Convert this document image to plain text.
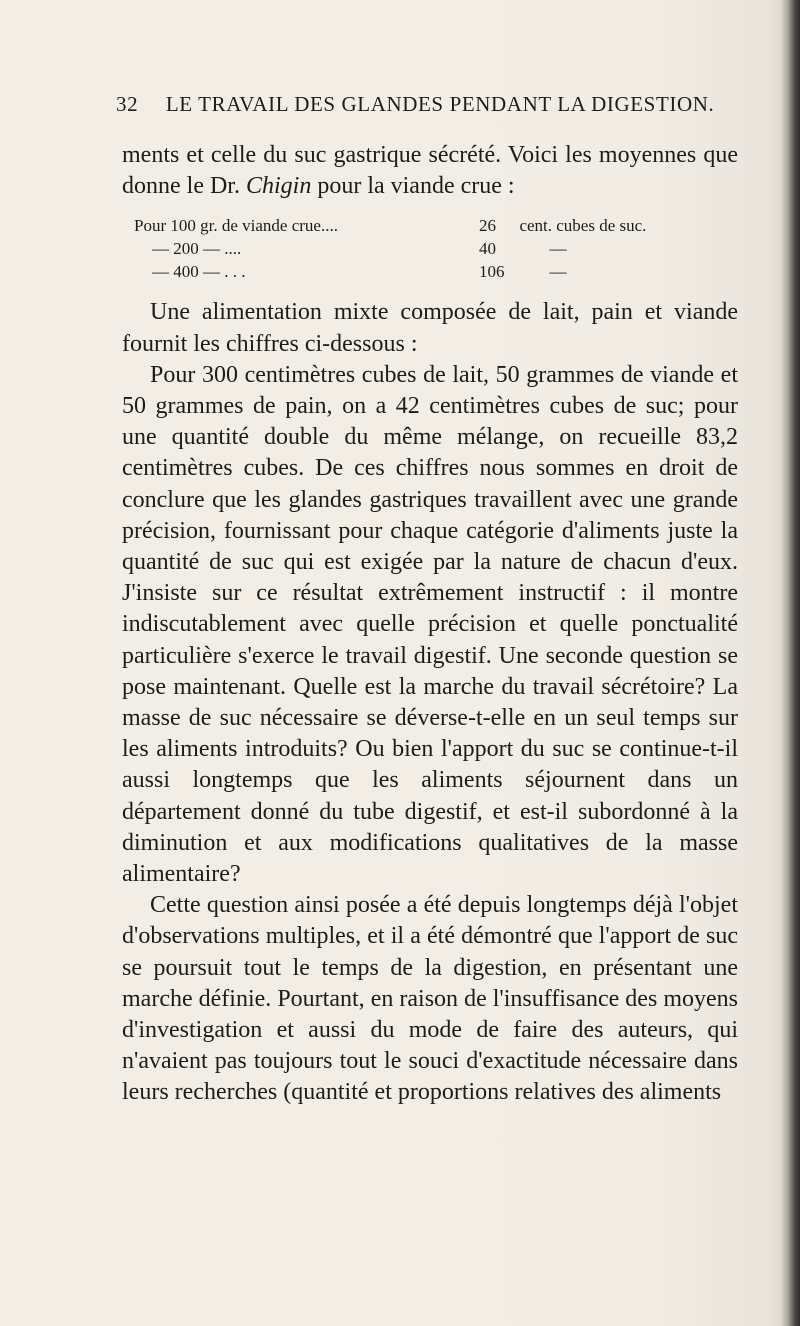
32 LE TRAVAIL DES GLANDES PENDANT LA DIGESTION.

ments et celle du suc gastrique sécrété. Voici les moyennes que donne le Dr. Chigin pour la viande crue :

Pour 100 gr. de viande crue....	26	cent. cubes de suc.
— 200 — ....	40	—
— 400 — . . .	106	—

Une alimentation mixte composée de lait, pain et viande fournit les chiffres ci-dessous :

Pour 300 centimètres cubes de lait, 50 grammes de viande et 50 grammes de pain, on a 42 centimètres cubes de suc; pour une quantité double du même mélange, on recueille 83,2 centimètres cubes. De ces chiffres nous sommes en droit de conclure que les glandes gastriques travaillent avec une grande précision, fournissant pour chaque catégorie d'aliments juste la quantité de suc qui est exigée par la nature de chacun d'eux. J'insiste sur ce résultat extrêmement instructif : il montre indiscutablement avec quelle précision et quelle ponctualité particulière s'exerce le travail digestif. Une seconde question se pose maintenant. Quelle est la marche du travail sécrétoire? La masse de suc nécessaire se déverse-t-elle en un seul temps sur les aliments introduits? Ou bien l'apport du suc se continue-t-il aussi longtemps que les aliments séjournent dans un département donné du tube digestif, et est-il subordonné à la diminution et aux modifications qualitatives de la masse alimentaire?

Cette question ainsi posée a été depuis longtemps déjà l'objet d'observations multiples, et il a été démontré que l'apport de suc se poursuit tout le temps de la digestion, en présentant une marche définie. Pourtant, en raison de l'insuffisance des moyens d'investigation et aussi du mode de faire des auteurs, qui n'avaient pas toujours tout le souci d'exactitude nécessaire dans leurs recherches (quantité et proportions relatives des aliments
